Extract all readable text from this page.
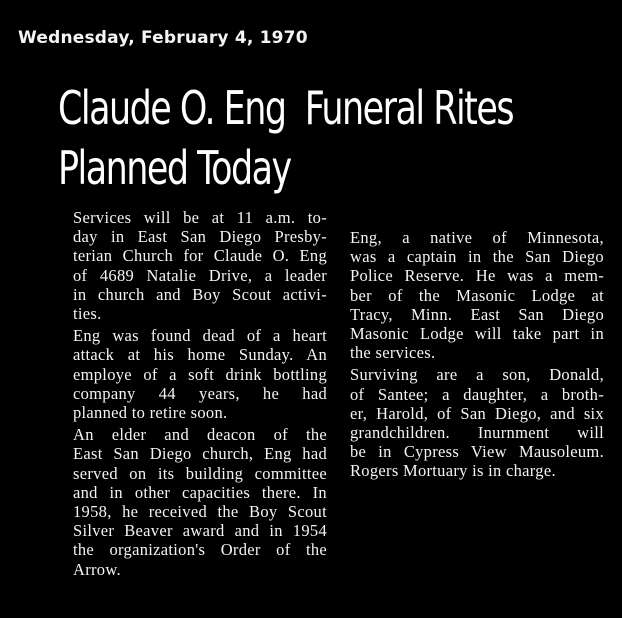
Wednesday, February 4, 1970
Claude O. Eng  Funeral Rites
Planned Today

Services will be at 11 a.m. to-
day in East San Diego Presby-
terian Church for Claude O. Eng
of 4689 Natalie Drive, a leader
in church and Boy Scout activi-
ties.

Eng was found dead of a heart
attack at his home Sunday. An
employe of a soft drink bottling
company 44 years, he had
planned to retire soon.

An elder and deacon of the
East San Diego church, Eng had
served on its building committee
and in other capacities there. In
1958, he received the Boy Scout
Silver Beaver award and in 1954
the organization's Order of the
Arrow.

Eng, a native of Minnesota,
was a captain in the San Diego
Police Reserve. He was a mem-
ber of the Masonic Lodge at
Tracy, Minn. East San Diego
Masonic Lodge will take part in
the services.

Surviving are a son, Donald,
of Santee; a daughter, a broth-
er, Harold, of San Diego, and six
grandchildren. Inurnment will
be in Cypress View Mausoleum.
Rogers Mortuary is in charge.
